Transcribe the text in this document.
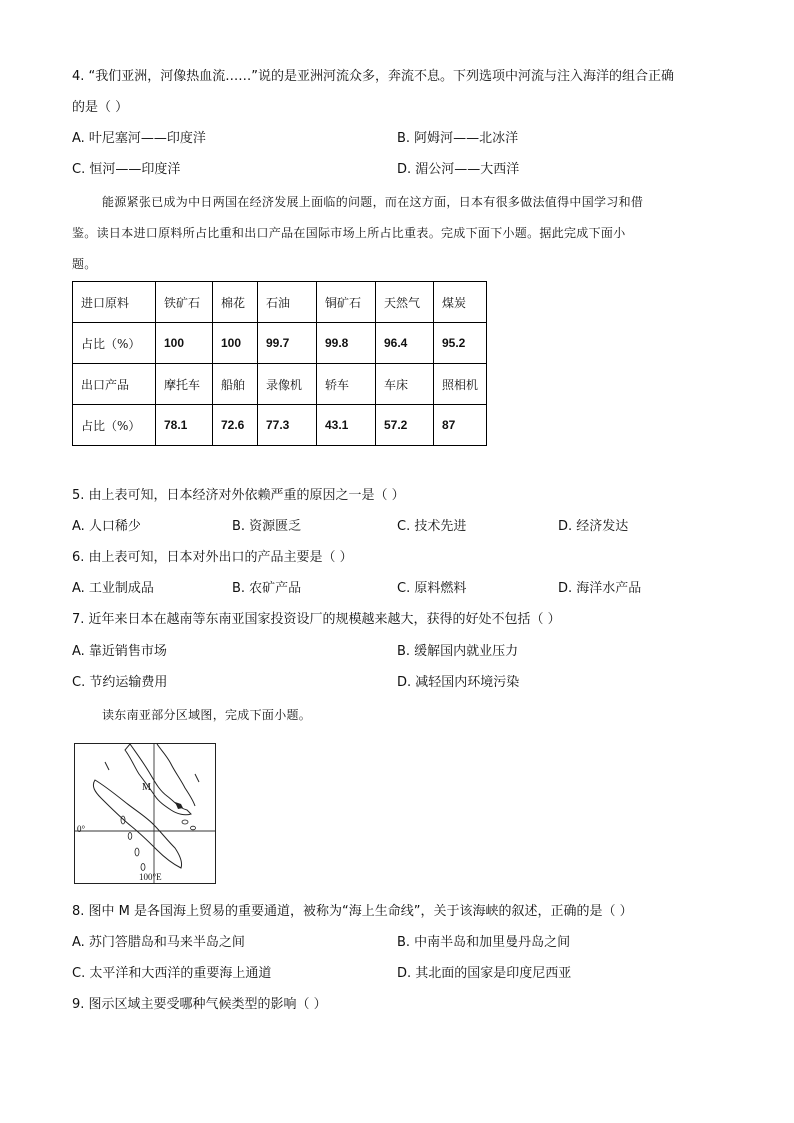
4. “我们亚洲，河像热血流……”说的是亚洲河流众多，奔流不息。下列选项中河流与注入海洋的组合正确
的是（ ）
A. 叶尼塞河——印度洋	B. 阿姆河——北冰洋
C. 恒河——印度洋	D. 湄公河——大西洋
能源紧张已成为中日两国在经济发展上面临的问题，而在这方面，日本有很多做法值得中国学习和借
鉴。读日本进口原料所占比重和出口产品在国际市场上所占比重表。完成下面下小题。据此完成下面小
题。
进口原料	铁矿石	棉花	石油	铜矿石	天然气	煤炭
占比（%）	100	100	99.7	99.8	96.4	95.2
出口产品	摩托车	船舶	录像机	轿车	车床	照相机
占比（%）	78.1	72.6	77.3	43.1	57.2	87
5. 由上表可知，日本经济对外依赖严重的原因之一是（ ）
A. 人口稀少	B. 资源匮乏	C. 技术先进	D. 经济发达
6. 由上表可知，日本对外出口的产品主要是（ ）
A. 工业制成品	B. 农矿产品	C. 原料燃料	D. 海洋水产品
7. 近年来日本在越南等东南亚国家投资设厂的规模越来越大，获得的好处不包括（ ）
A. 靠近销售市场	B. 缓解国内就业压力
C. 节约运输费用	D. 减轻国内环境污染
读东南亚部分区域图，完成下面小题。
M
0°
100°E
8. 图中 M 是各国海上贸易的重要通道，被称为“海上生命线”，关于该海峡的叙述，正确的是（ ）
A. 苏门答腊岛和马来半岛之间	B. 中南半岛和加里曼丹岛之间
C. 太平洋和大西洋的重要海上通道	D. 其北面的国家是印度尼西亚
9. 图示区域主要受哪种气候类型的影响（ ）
